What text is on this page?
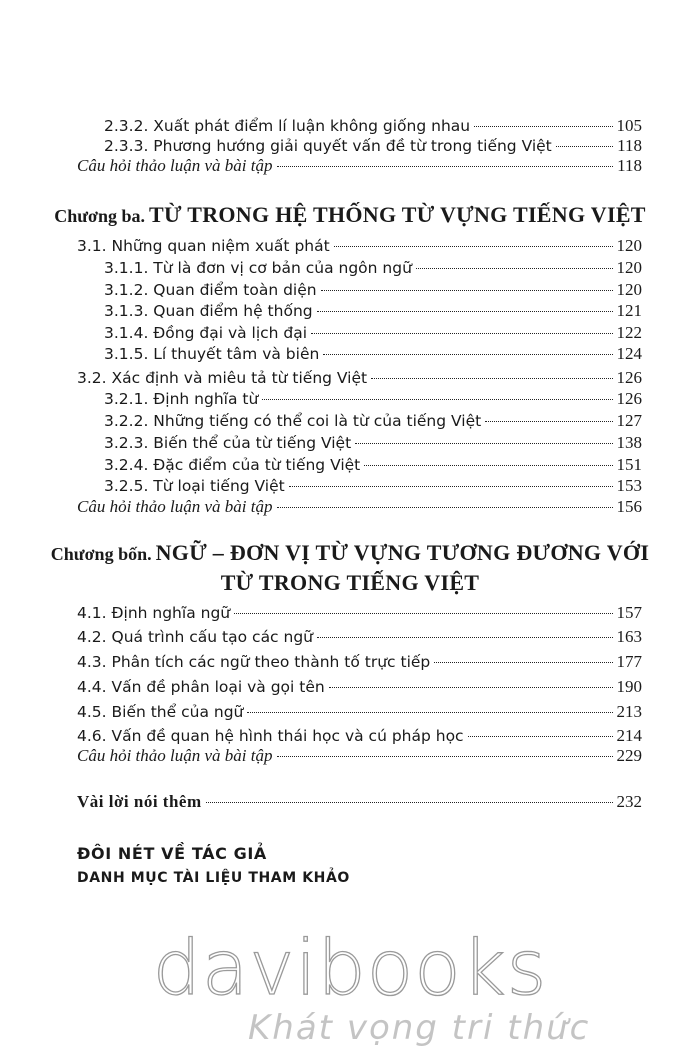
2.3.2. Xuất phát điểm lí luận không giống nhau	105
2.3.3. Phương hướng giải quyết vấn đề từ trong tiếng Việt	118
Câu hỏi thảo luận và bài tập	118
Chương ba. TỪ TRONG HỆ THỐNG TỪ VỰNG TIẾNG VIỆT
3.1. Những quan niệm xuất phát	120
3.1.1. Từ là đơn vị cơ bản của ngôn ngữ	120
3.1.2. Quan điểm toàn diện	120
3.1.3. Quan điểm hệ thống	121
3.1.4. Đồng đại và lịch đại	122
3.1.5. Lí thuyết tâm và biên	124
3.2. Xác định và miêu tả từ tiếng Việt	126
3.2.1. Định nghĩa từ	126
3.2.2. Những tiếng có thể coi là từ của tiếng Việt	127
3.2.3. Biến thể của từ tiếng Việt	138
3.2.4. Đặc điểm của từ tiếng Việt	151
3.2.5. Từ loại tiếng Việt	153
Câu hỏi thảo luận và bài tập	156
Chương bốn. NGỮ – ĐƠN VỊ TỪ VỰNG TƯƠNG ĐƯƠNG VỚI
TỪ TRONG TIẾNG VIỆT
4.1. Định nghĩa ngữ	157
4.2. Quá trình cấu tạo các ngữ	163
4.3. Phân tích các ngữ theo thành tố trực tiếp	177
4.4. Vấn đề phân loại và gọi tên	190
4.5. Biến thể của ngữ	213
4.6. Vấn đề quan hệ hình thái học và cú pháp học	214
Câu hỏi thảo luận và bài tập	229
Vài lời nói thêm	232
ĐÔI NÉT VỀ TÁC GIẢ
DANH MỤC TÀI LIỆU THAM KHẢO
davibooks
Khát vọng tri thức
